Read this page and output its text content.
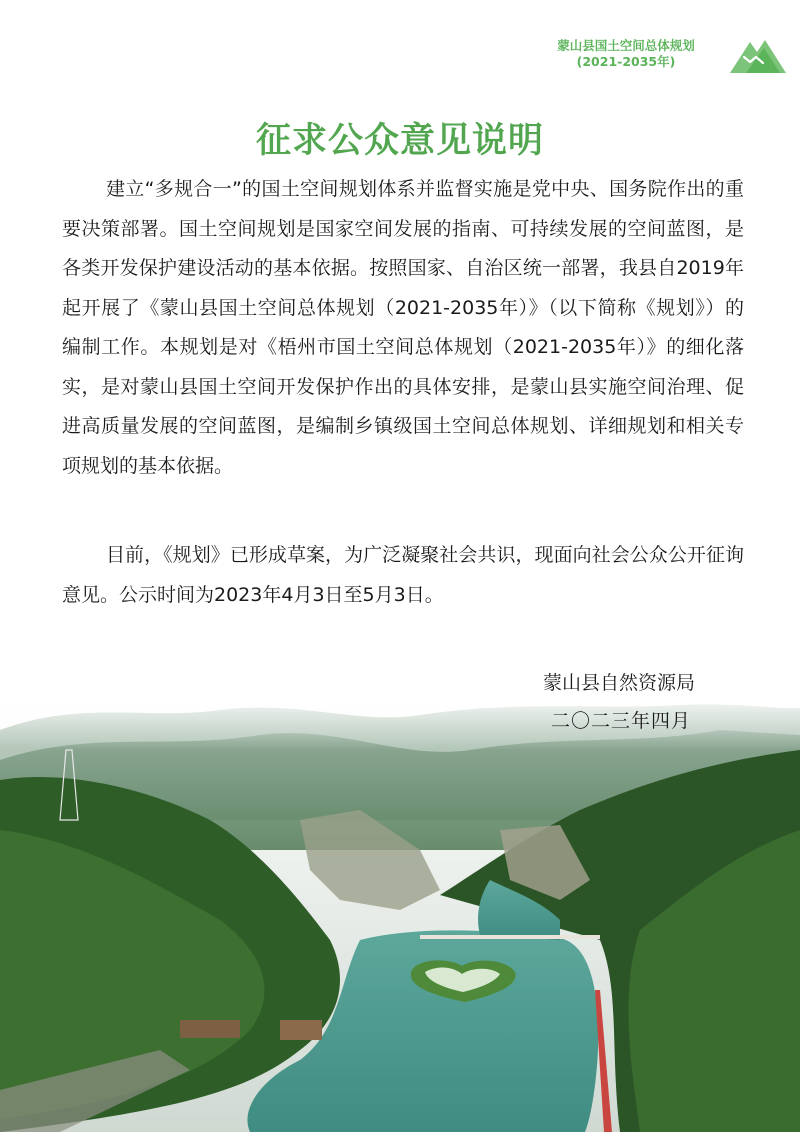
蒙山县国土空间总体规划
(2021-2035年)
征求公众意见说明

建立“多规合一”的国土空间规划体系并监督实施是党中央、国务院作出的重要决策部署。国土空间规划是国家空间发展的指南、可持续发展的空间蓝图，是各类开发保护建设活动的基本依据。按照国家、自治区统一部署，我县自2019年起开展了《蒙山县国土空间总体规划（2021-2035年）》（以下简称《规划》）的编制工作。本规划是对《梧州市国土空间总体规划（2021-2035年）》的细化落实，是对蒙山县国土空间开发保护作出的具体安排，是蒙山县实施空间治理、促进高质量发展的空间蓝图，是编制乡镇级国土空间总体规划、详细规划和相关专项规划的基本依据。

目前，《规划》已形成草案，为广泛凝聚社会共识，现面向社会公众公开征询意见。公示时间为2023年4月3日至5月3日。

蒙山县自然资源局
二〇二三年四月
